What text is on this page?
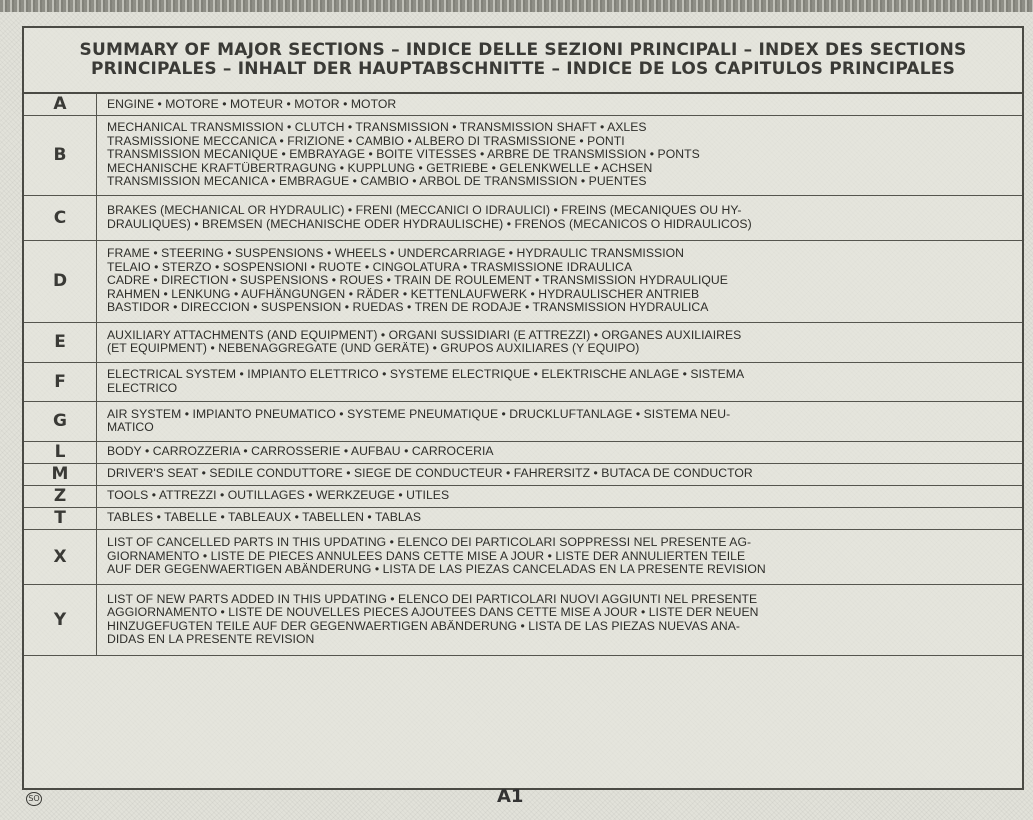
SUMMARY OF MAJOR SECTIONS – INDICE DELLE SEZIONI PRINCIPALI – INDEX DES SECTIONS
PRINCIPALES – INHALT DER HAUPTABSCHNITTE – INDICE DE LOS CAPITULOS PRINCIPALES
A	ENGINE • MOTORE • MOTEUR • MOTOR • MOTOR

B	MECHANICAL TRANSMISSION • CLUTCH • TRANSMISSION • TRANSMISSION SHAFT • AXLES
TRASMISSIONE MECCANICA • FRIZIONE • CAMBIO • ALBERO DI TRASMISSIONE • PONTI
TRANSMISSION MECANIQUE • EMBRAYAGE • BOITE VITESSES • ARBRE DE TRANSMISSION • PONTS
MECHANISCHE KRAFTÜBERTRAGUNG • KUPPLUNG • GETRIEBE • GELENKWELLE • ACHSEN
TRANSMISSION MECANICA • EMBRAGUE • CAMBIO • ARBOL DE TRANSMISSION • PUENTES

C	BRAKES (MECHANICAL OR HYDRAULIC) • FRENI (MECCANICI O IDRAULICI) • FREINS (MECANIQUES OU HY-
DRAULIQUES) • BREMSEN (MECHANISCHE ODER HYDRAULISCHE) • FRENOS (MECANICOS O HIDRAULICOS)

D	FRAME • STEERING • SUSPENSIONS • WHEELS • UNDERCARRIAGE • HYDRAULIC TRANSMISSION
TELAIO • STERZO • SOSPENSIONI • RUOTE • CINGOLATURA • TRASMISSIONE IDRAULICA
CADRE • DIRECTION • SUSPENSIONS • ROUES • TRAIN DE ROULEMENT • TRANSMISSION HYDRAULIQUE
RAHMEN • LENKUNG • AUFHÄNGUNGEN • RÄDER • KETTENLAUFWERK • HYDRAULISCHER ANTRIEB
BASTIDOR • DIRECCION • SUSPENSION • RUEDAS • TREN DE RODAJE • TRANSMISSION HYDRAULICA

E	AUXILIARY ATTACHMENTS (AND EQUIPMENT) • ORGANI SUSSIDIARI (E ATTREZZI) • ORGANES AUXILIAIRES
(ET EQUIPMENT) • NEBENAGGREGATE (UND GERÄTE) • GRUPOS AUXILIARES (Y EQUIPO)

F	ELECTRICAL SYSTEM • IMPIANTO ELETTRICO • SYSTEME ELECTRIQUE • ELEKTRISCHE ANLAGE • SISTEMA
ELECTRICO

G	AIR SYSTEM • IMPIANTO PNEUMATICO • SYSTEME PNEUMATIQUE • DRUCKLUFTANLAGE • SISTEMA NEU-
MATICO

L	BODY • CARROZZERIA • CARROSSERIE • AUFBAU • CARROCERIA

M	DRIVER'S SEAT • SEDILE CONDUTTORE • SIEGE DE CONDUCTEUR • FAHRERSITZ • BUTACA DE CONDUCTOR

Z	TOOLS • ATTREZZI • OUTILLAGES • WERKZEUGE • UTILES

T	TABLES • TABELLE • TABLEAUX • TABELLEN • TABLAS

X	LIST OF CANCELLED PARTS IN THIS UPDATING • ELENCO DEI PARTICOLARI SOPPRESSI NEL PRESENTE AG-
GIORNAMENTO • LISTE DE PIECES ANNULEES DANS CETTE MISE A JOUR • LISTE DER ANNULIERTEN TEILE
AUF DER GEGENWAERTIGEN ABÄNDERUNG • LISTA DE LAS PIEZAS CANCELADAS EN LA PRESENTE REVISION

Y	LIST OF NEW PARTS ADDED IN THIS UPDATING • ELENCO DEI PARTICOLARI NUOVI AGGIUNTI NEL PRESENTE
AGGIORNAMENTO • LISTE DE NOUVELLES PIECES AJOUTEES DANS CETTE MISE A JOUR • LISTE DER NEUEN
HINZUGEFUGTEN TEILE AUF DER GEGENWAERTIGEN ABÄNDERUNG • LISTA DE LAS PIEZAS NUEVAS ANA-
DIDAS EN LA PRESENTE REVISION
SO	A1
